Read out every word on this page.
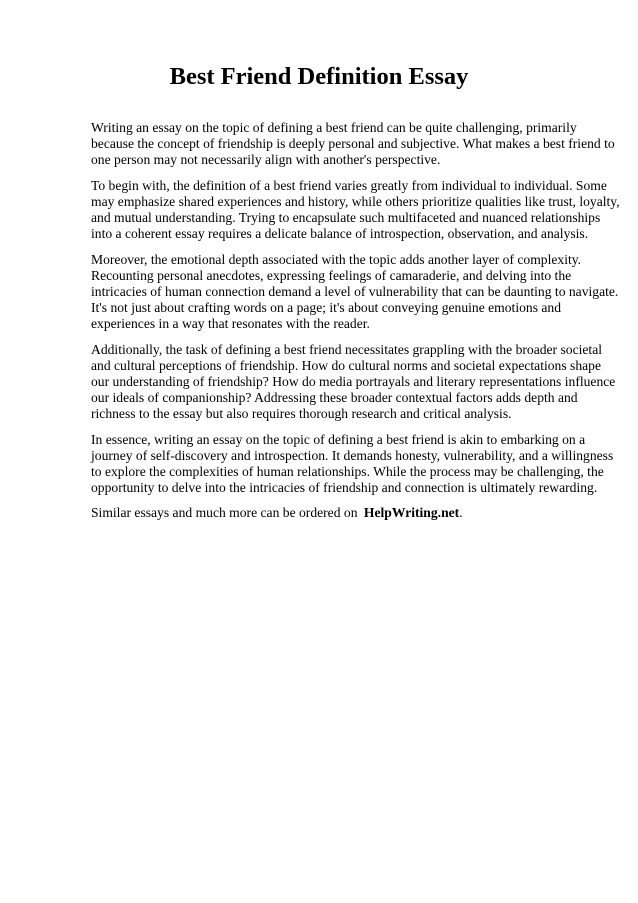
Best Friend Definition Essay

Writing an essay on the topic of defining a best friend can be quite challenging, primarily
because the concept of friendship is deeply personal and subjective. What makes a best friend to
one person may not necessarily align with another's perspective.

To begin with, the definition of a best friend varies greatly from individual to individual. Some
may emphasize shared experiences and history, while others prioritize qualities like trust, loyalty,
and mutual understanding. Trying to encapsulate such multifaceted and nuanced relationships
into a coherent essay requires a delicate balance of introspection, observation, and analysis.

Moreover, the emotional depth associated with the topic adds another layer of complexity.
Recounting personal anecdotes, expressing feelings of camaraderie, and delving into the
intricacies of human connection demand a level of vulnerability that can be daunting to navigate.
It's not just about crafting words on a page; it's about conveying genuine emotions and
experiences in a way that resonates with the reader.

Additionally, the task of defining a best friend necessitates grappling with the broader societal
and cultural perceptions of friendship. How do cultural norms and societal expectations shape
our understanding of friendship? How do media portrayals and literary representations influence
our ideals of companionship? Addressing these broader contextual factors adds depth and
richness to the essay but also requires thorough research and critical analysis.

In essence, writing an essay on the topic of defining a best friend is akin to embarking on a
journey of self-discovery and introspection. It demands honesty, vulnerability, and a willingness
to explore the complexities of human relationships. While the process may be challenging, the
opportunity to delve into the intricacies of friendship and connection is ultimately rewarding.

Similar essays and much more can be ordered on HelpWriting.net.
